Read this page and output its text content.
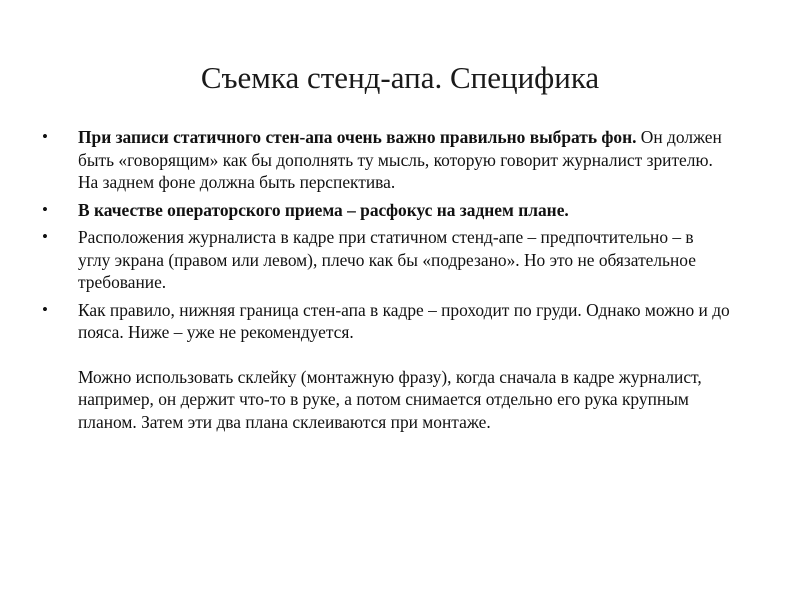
Съемка стенд-апа. Специфика
•	При записи статичного стен-апа очень важно правильно выбрать фон. Он должен быть «говорящим» как бы дополнять ту мысль, которую говорит журналист зрителю. На заднем фоне должна быть перспектива.
•	В качестве операторского приема – расфокус на заднем плане.
•	Расположения журналиста в кадре при статичном стенд-апе – предпочтительно – в углу экрана (правом или левом), плечо как бы «подрезано». Но это не обязательное требование.
•	Как правило, нижняя граница стен-апа в кадре – проходит по груди. Однако можно и до пояса. Ниже – уже не рекомендуется.
Можно использовать склейку (монтажную фразу), когда сначала в кадре журналист, например, он держит что-то в руке, а потом снимается отдельно его рука крупным планом. Затем эти два плана склеиваются при монтаже.
